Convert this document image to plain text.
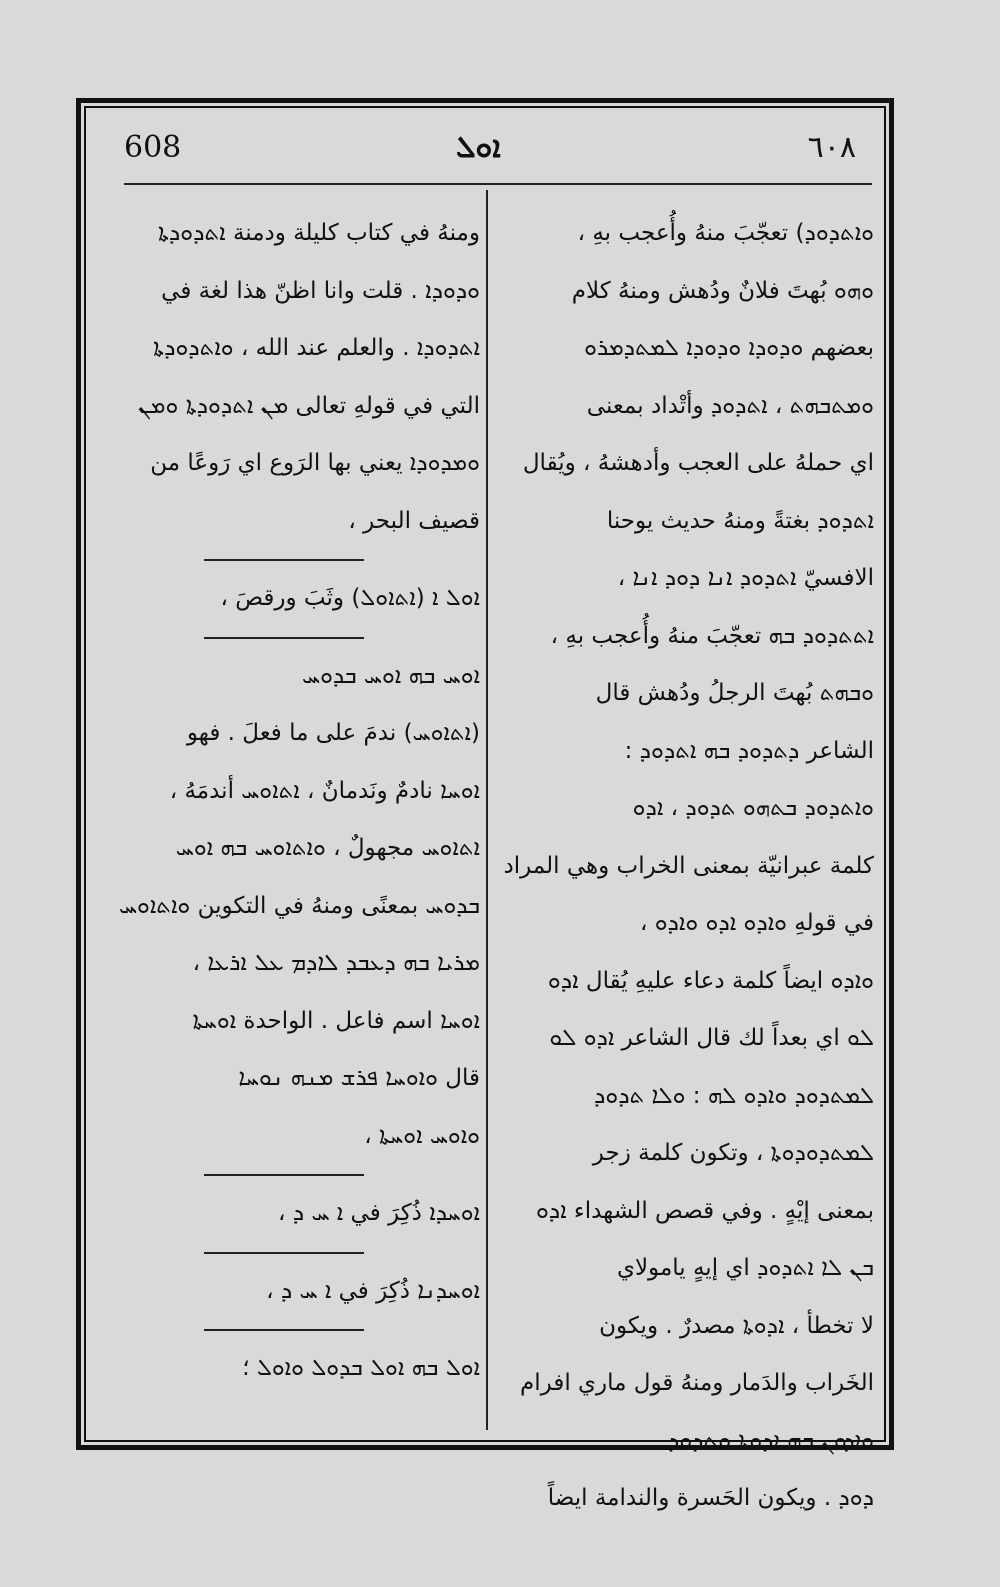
608	ܐܘܠ	٦٠٨
ܘܐܬܕܘܕ) تعجّبَ منهُ وأُعجب بهِ ،
ܘܗܘ بُهتَ فلانٌ ودُهش ومنهُ كلام
بعضهم ܘܕܘܕܐ ܘܕܘܕܐ ܠܡܬܕܡܪܘ
ܘܡܬܒܗܬ ، ܐܬܕܘܕ وأتْداد بمعنى
اي حملهُ على العجب وأدهشهُ ، ويُقال
ܐܬܕܘܕ بغتةً ومنهُ حديث يوحنا
الافسيّ ܐܬܕܘܕ ܐܢܐ ܕܘܕ ܐܢܐ ،
ܐܬܬܕܘܕ ܒܗ تعجّبَ منهُ وأُعجب بهِ ،
ܘܒܗܬ بُهتَ الرجلُ ودُهش قال
الشاعر ܕܬܕܘܕ ܒܗ ܐܬܕܘܕ :
ܘܐܬܕܘܕ ܒܬܗܘ ܬܕܘܕ ، ܐܕܘ
كلمة عبرانيّة بمعنى الخراب وهي المراد
في قولهِ ܘܐܕܘ ܐܕܘ ܘܐܕܘ ،
ܘܐܕܘ ايضاً كلمة دعاء عليهِ يُقال ܐܕܘ
ܠܘ اي بعداً لك قال الشاعر ܐܕܘ ܠܘ
ܠܡܬܕܘܕ ܘܐܕܘ ܠܗ : ܘܠܐ ܬܕܘܕ
ܠܡܬܕܘܕܘܬܐ ، وتكون كلمة زجر
بمعنى إيْهٍ . وفي قصص الشهداء ܐܕܘ
ܒܢ ܠܐ ܐܬܕܘܕ اي إيهٍ يامولاي
لا تخطأ ، ܐܕܘܬܐ مصدرٌ . ويكون
الخَراب والدَمار ومنهُ قول ماري افرام
ܘܐܕܘܢ ܒܗ ܐܕܘܬܐ ܘܬܕܘܕ
ܕܘܕ . ويكون الحَسرة والندامة ايضاً
ومنهُ في كتاب كليلة ودمنة ܐܬܕܘܕܬܐ
ܘܕܘܕܐ . قلت وانا اظنّ هذا لغة في
ܐܬܕܘܕܐ . والعلم عند الله ، ܘܐܬܕܘܕܬܐ
التي في قولهِ تعالى ܡܢ ܐܬܕܘܕܬܐ ܘܡܢ
ܘܡܕܘܕܐ يعني بها الرَوع اي رَوعًا من
قصيف البحر ،
ܐܘܠ ܐ (ܐܬܐܘܠ) وثَبَ ورقصَ ،
ܐܘܚ ܒܗ ܐܘܚ ܒܕܘܚ
(ܐܬܐܘܚ) ندمَ على ما فعلَ . فهو
ܐܘܚܐ نادمٌ ونَدمانٌ ، ܐܬܐܘܚ أندمَهُ ،
ܐܬܐܘܚ مجهولٌ ، ܘܐܬܐܘܚ ܒܗ ܐܘܚ
ܒܕܘܚ بمعنًى ومنهُ في التكوين ܘܐܬܐܘܚ
ܡܪܝܐ ܒܗ ܕܥܒܕ ܠܐܕܡ ܥܠ ܐܪܥܐ ،
ܐܘܚܐ اسم فاعل . الواحدة ܐܘܚܬܐ
قال ܘܐܘܚܐ ܦܪܫ ܡܢܗ ܢܘܚܐ
ܘܐܘܚ ܐܘܚܬܐ ،
ܐܘܚܕܐ ذُكِرَ في ܐ ܚ ܕ ،
ܐܘܚܕܢܐ ذُكِرَ في ܐ ܚ ܕ ،
ܐܘܠ ܒܗ ܐܘܠ ܒܕܘܠ ܘܐܘܠ ؛
